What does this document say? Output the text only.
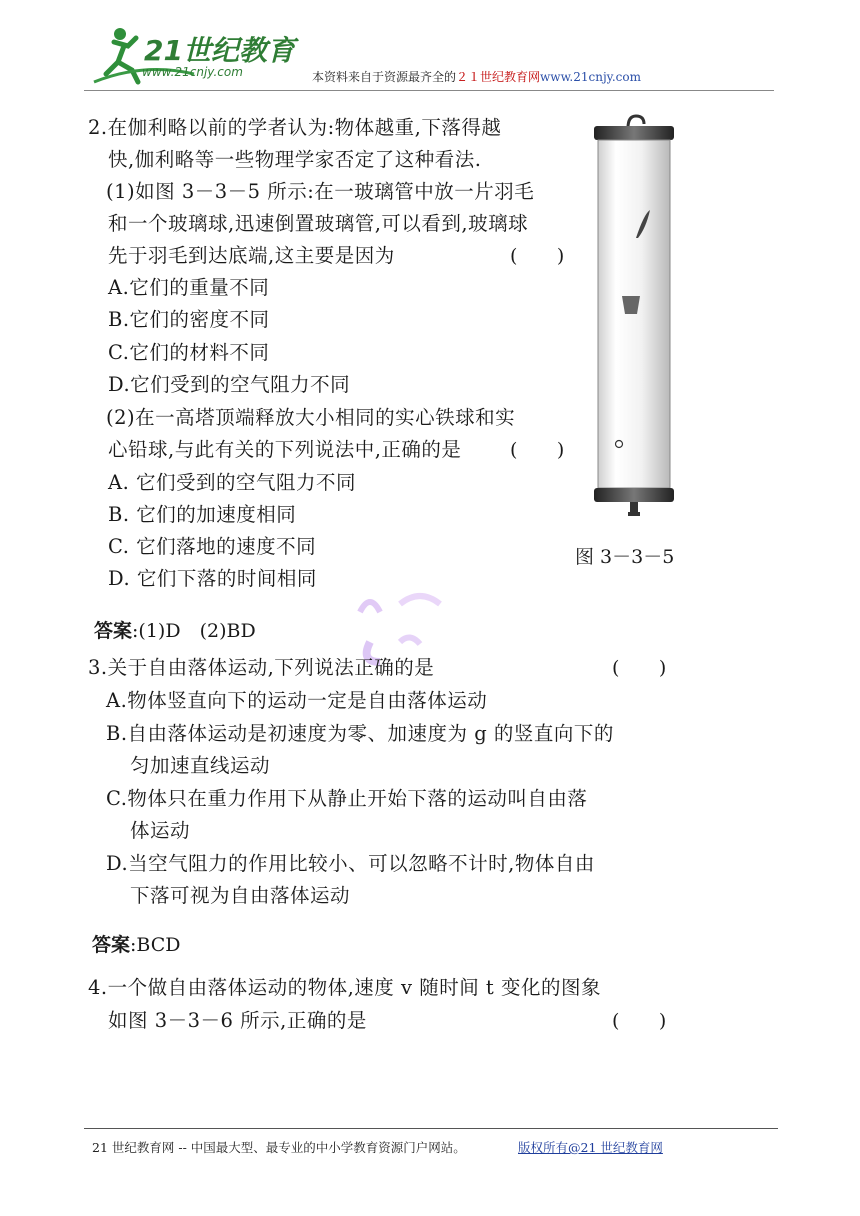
21世纪教育
www.21cnjy.com	本资料来自于资源最齐全的２１世纪教育网www.21cnjy.com
2.在伽利略以前的学者认为:物体越重,下落得越
快,伽利略等一些物理学家否定了这种看法.
(1)如图 3－3－5 所示:在一玻璃管中放一片羽毛
和一个玻璃球,迅速倒置玻璃管,可以看到,玻璃球
先于羽毛到达底端,这主要是因为	(　　)
A.它们的重量不同
B.它们的密度不同
C.它们的材料不同
D.它们受到的空气阻力不同
(2)在一高塔顶端释放大小相同的实心铁球和实
心铅球,与此有关的下列说法中,正确的是	(　　)
A. 它们受到的空气阻力不同
B. 它们的加速度相同
C. 它们落地的速度不同
D. 它们下落的时间相同
图 3－3－5
答案:(1)D　(2)BD
3.关于自由落体运动,下列说法正确的是	(　　)
A.物体竖直向下的运动一定是自由落体运动
B.自由落体运动是初速度为零、加速度为 g 的竖直向下的
匀加速直线运动
C.物体只在重力作用下从静止开始下落的运动叫自由落
体运动
D.当空气阻力的作用比较小、可以忽略不计时,物体自由
下落可视为自由落体运动
答案:BCD
4.一个做自由落体运动的物体,速度 v 随时间 t 变化的图象
如图 3－3－6 所示,正确的是	(　　)
21 世纪教育网 -- 中国最大型、最专业的中小学教育资源门户网站。	版权所有@21 世纪教育网
